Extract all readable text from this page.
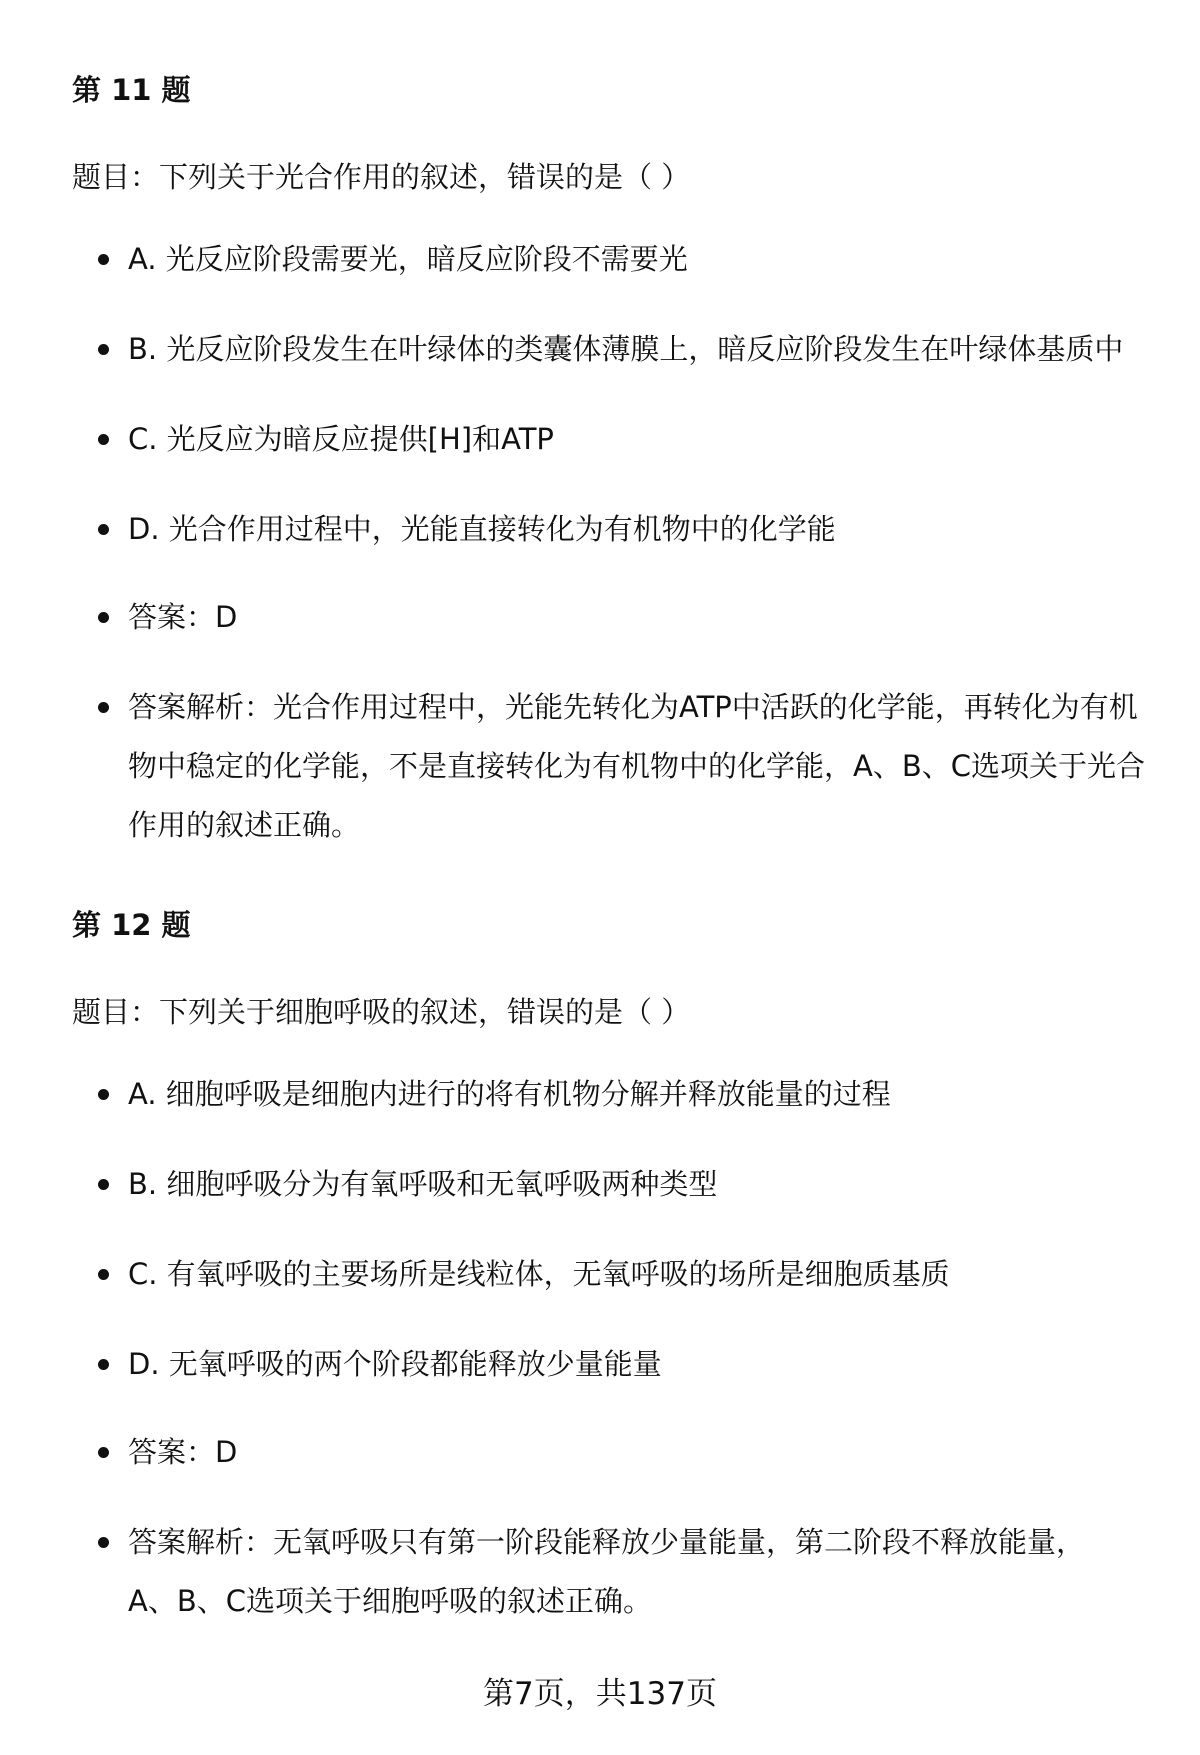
第 11 题

题目：下列关于光合作用的叙述，错误的是（ ）

A. 光反应阶段需要光，暗反应阶段不需要光
B. 光反应阶段发生在叶绿体的类囊体薄膜上，暗反应阶段发生在叶绿体基质中
C. 光反应为暗反应提供[H]和ATP
D. 光合作用过程中，光能直接转化为有机物中的化学能
答案：D
答案解析：光合作用过程中，光能先转化为ATP中活跃的化学能，再转化为有机物中稳定的化学能，不是直接转化为有机物中的化学能，A、B、C选项关于光合作用的叙述正确。
第 12 题

题目：下列关于细胞呼吸的叙述，错误的是（ ）

A. 细胞呼吸是细胞内进行的将有机物分解并释放能量的过程
B. 细胞呼吸分为有氧呼吸和无氧呼吸两种类型
C. 有氧呼吸的主要场所是线粒体，无氧呼吸的场所是细胞质基质
D. 无氧呼吸的两个阶段都能释放少量能量
答案：D
答案解析：无氧呼吸只有第一阶段能释放少量能量，第二阶段不释放能量，A、B、C选项关于细胞呼吸的叙述正确。
第7页，共137页
